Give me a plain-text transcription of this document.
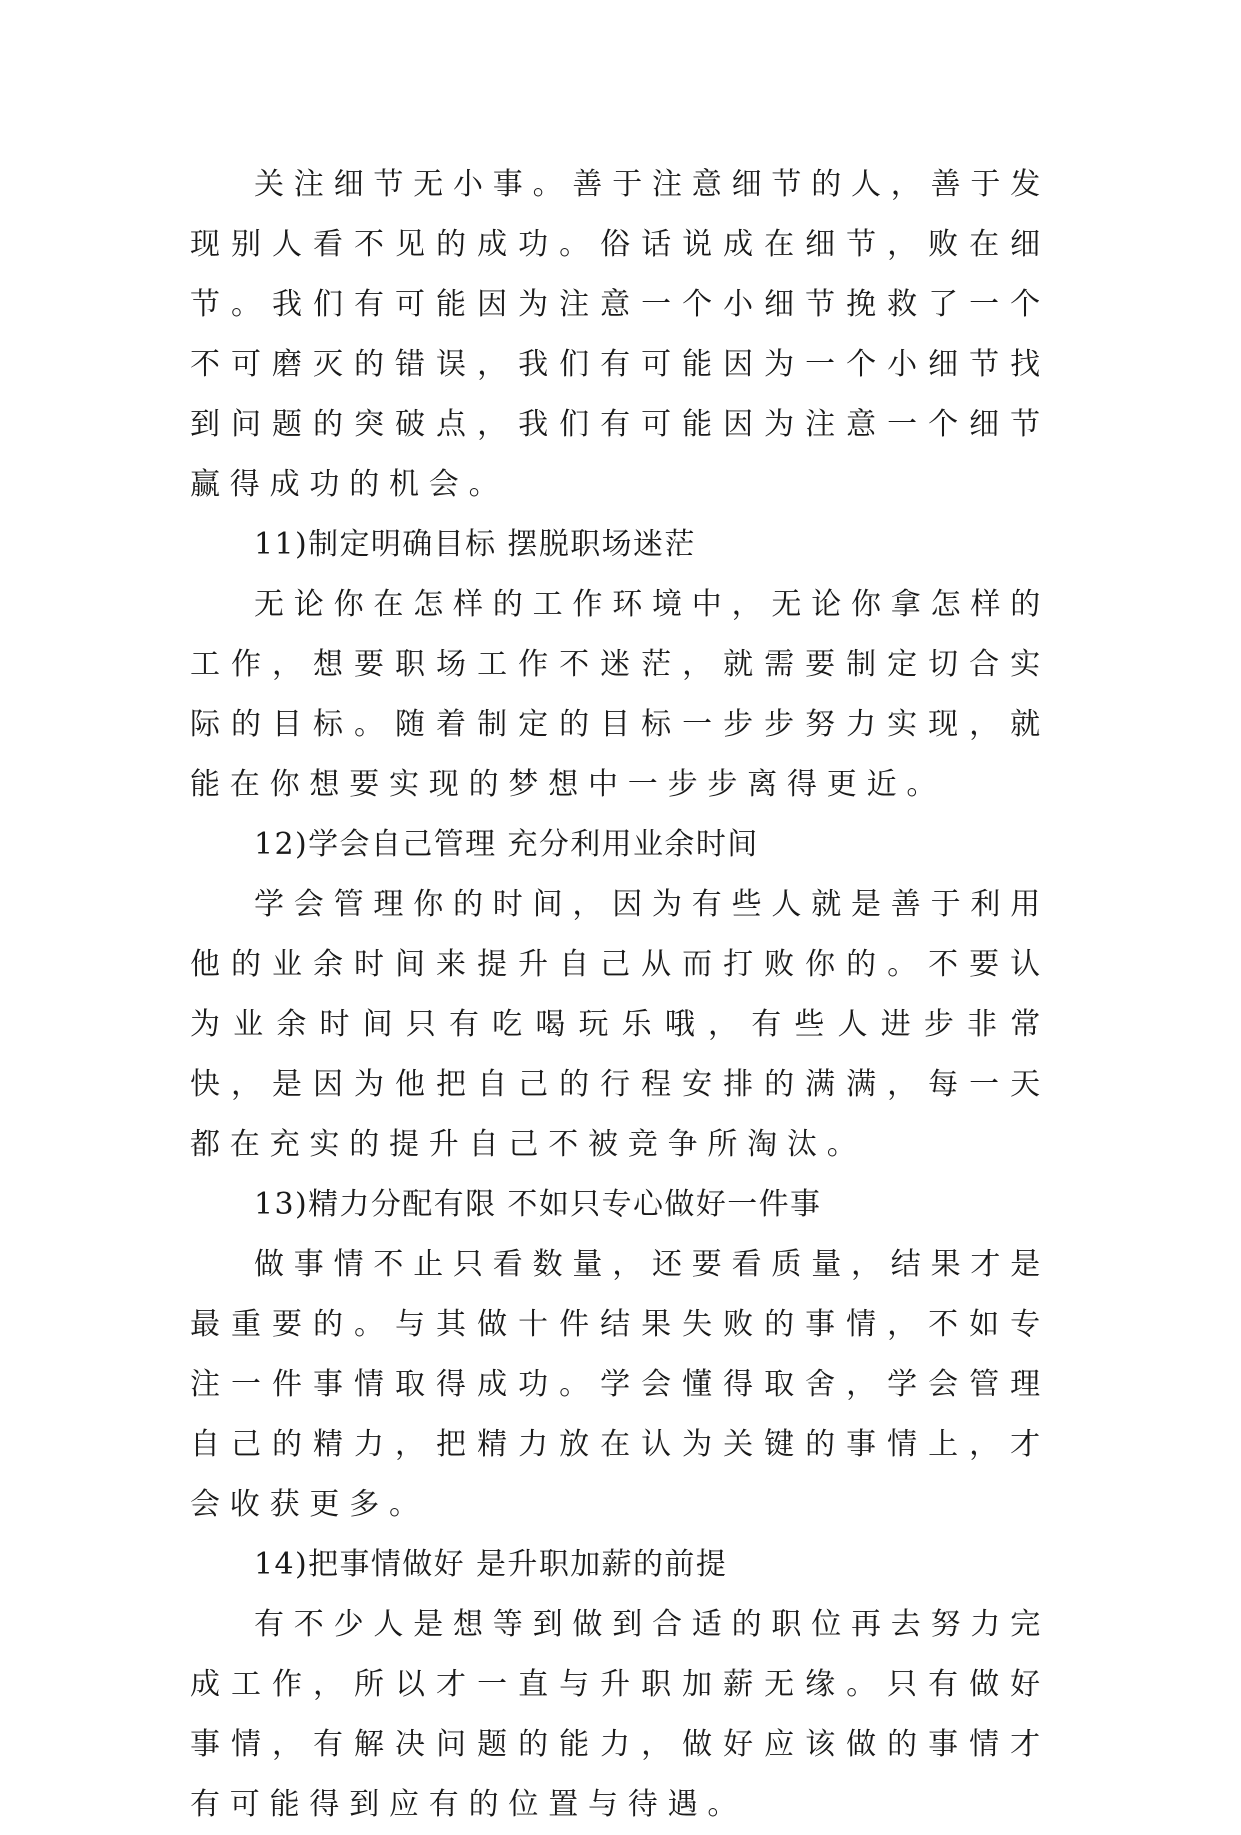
关注细节无小事。善于注意细节的人，善于发现别人看不见的成功。俗话说成在细节，败在细节。我们有可能因为注意一个小细节挽救了一个不可磨灭的错误，我们有可能因为一个小细节找到问题的突破点，我们有可能因为注意一个细节赢得成功的机会。

11)制定明确目标 摆脱职场迷茫

无论你在怎样的工作环境中，无论你拿怎样的工作，想要职场工作不迷茫，就需要制定切合实际的目标。随着制定的目标一步步努力实现，就能在你想要实现的梦想中一步步离得更近。

12)学会自己管理 充分利用业余时间

学会管理你的时间，因为有些人就是善于利用他的业余时间来提升自己从而打败你的。不要认为业余时间只有吃喝玩乐哦，有些人进步非常快，是因为他把自己的行程安排的满满，每一天都在充实的提升自己不被竞争所淘汰。

13)精力分配有限 不如只专心做好一件事

做事情不止只看数量，还要看质量，结果才是最重要的。与其做十件结果失败的事情，不如专注一件事情取得成功。学会懂得取舍，学会管理自己的精力，把精力放在认为关键的事情上，才会收获更多。

14)把事情做好 是升职加薪的前提

有不少人是想等到做到合适的职位再去努力完成工作，所以才一直与升职加薪无缘。只有做好事情，有解决问题的能力，做好应该做的事情才有可能得到应有的位置与待遇。
